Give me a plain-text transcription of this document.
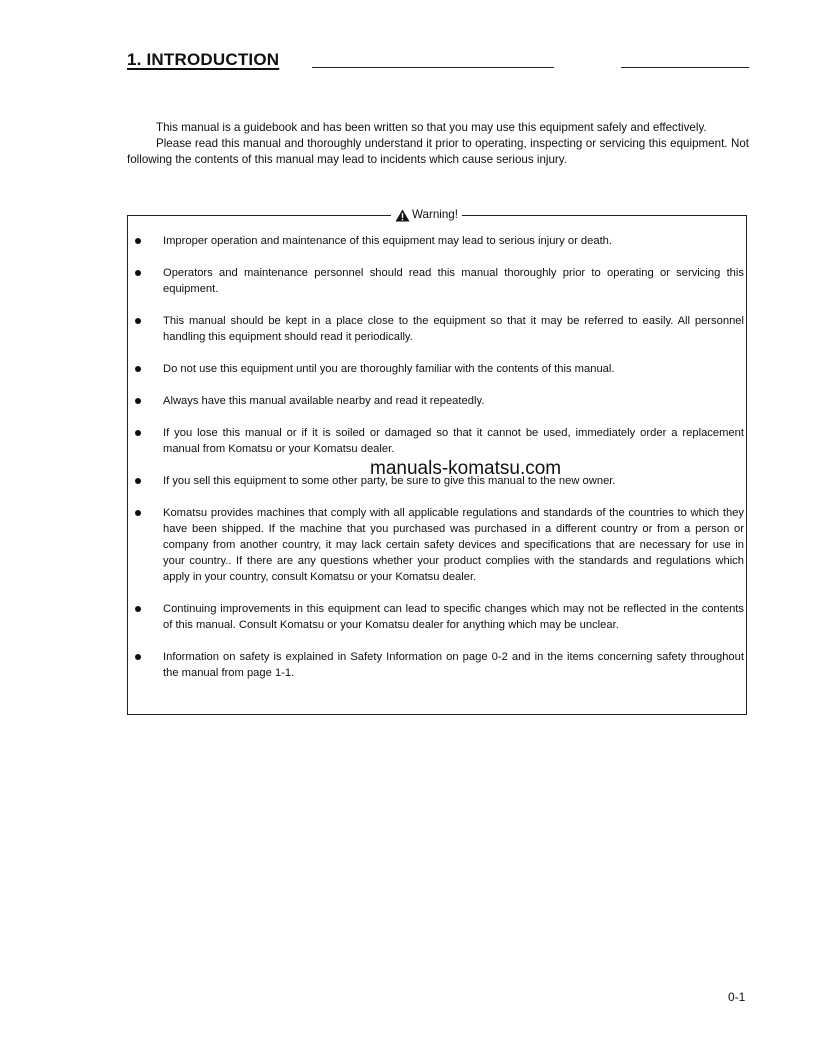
1. INTRODUCTION

This manual is a guidebook and has been written so that you may use this equipment safely and effectively.

Please read this manual and thoroughly understand it prior to operating, inspecting or servicing this equipment. Not following the contents of this manual may lead to incidents which cause serious injury.

Warning!
Improper operation and maintenance of this equipment may lead to serious injury or death.
Operators and maintenance personnel should read this manual thoroughly prior to operating or servicing this equipment.
This manual should be kept in a place close to the equipment so that it may be referred to easily. All personnel handling this equipment should read it periodically.
Do not use this equipment until you are thoroughly familiar with the contents of this manual.
Always have this manual available nearby and read it repeatedly.
If you lose this manual or if it is soiled or damaged so that it cannot be used, immediately order a replacement manual from Komatsu or your Komatsu dealer.
If you sell this equipment to some other party, be sure to give this manual to the new owner.
Komatsu provides machines that comply with all applicable regulations and standards of the countries to which they have been shipped. If the machine that you purchased was purchased in a different country or from a person or company from another country, it may lack certain safety devices and specifications that are necessary for use in your country.. If there are any questions whether your product complies with the standards and regulations which apply in your country, consult Komatsu or your Komatsu dealer.
Continuing improvements in this equipment can lead to specific changes which may not be reflected in the contents of this manual. Consult Komatsu or your Komatsu dealer for anything which may be unclear.
Information on safety is explained in Safety Information on page 0-2 and in the items concerning safety throughout the manual from page 1-1.
manuals-komatsu.com
0-1
